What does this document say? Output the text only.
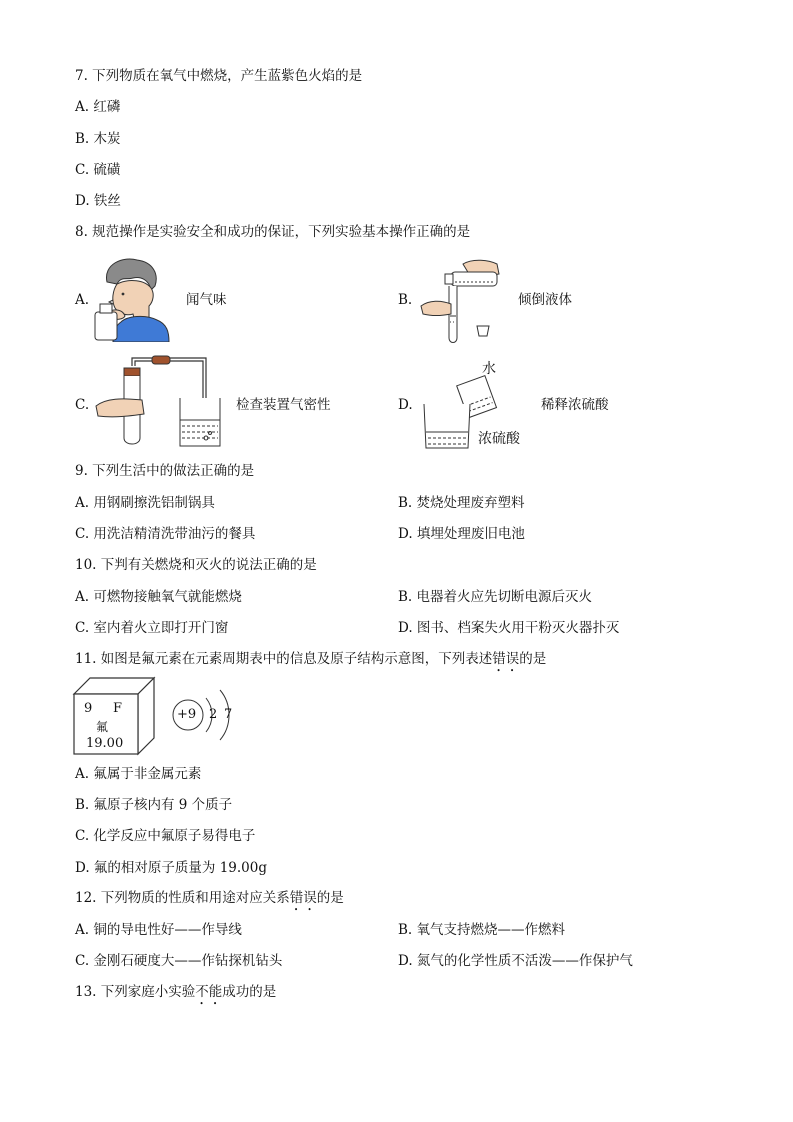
7. 下列物质在氧气中燃烧，产生蓝紫色火焰的是
A. 红磷
B. 木炭
C. 硫磺
D. 铁丝
8. 规范操作是实验安全和成功的保证，下列实验基本操作正确的是
A.	闻气味	B.	倾倒液体
C.	检查装置气密性	D.
水
浓硫酸
稀释浓硫酸
9. 下列生活中的做法正确的是
A. 用钢刷擦洗铝制锅具	B. 焚烧处理废弃塑料
C. 用洗洁精清洗带油污的餐具	D. 填埋处理废旧电池
10. 下判有关燃烧和灭火的说法正确的是
A. 可燃物接触氧气就能燃烧	B. 电器着火应先切断电源后灭火
C. 室内着火立即打开门窗	D. 图书、档案失火用干粉灭火器扑灭
11. 如图是氟元素在元素周期表中的信息及原子结构示意图，下列表述错误的是
9 F
氟
19.00
+9 2 7
A. 氟属于非金属元素
B. 氟原子核内有 9 个质子
C. 化学反应中氟原子易得电子
D. 氟的相对原子质量为 19.00g
12. 下列物质的性质和用途对应关系错误的是
A. 铜的导电性好——作导线	B. 氧气支持燃烧——作燃料
C. 金刚石硬度大——作钻探机钻头	D. 氮气的化学性质不活泼——作保护气
13. 下列家庭小实验不能成功的是
